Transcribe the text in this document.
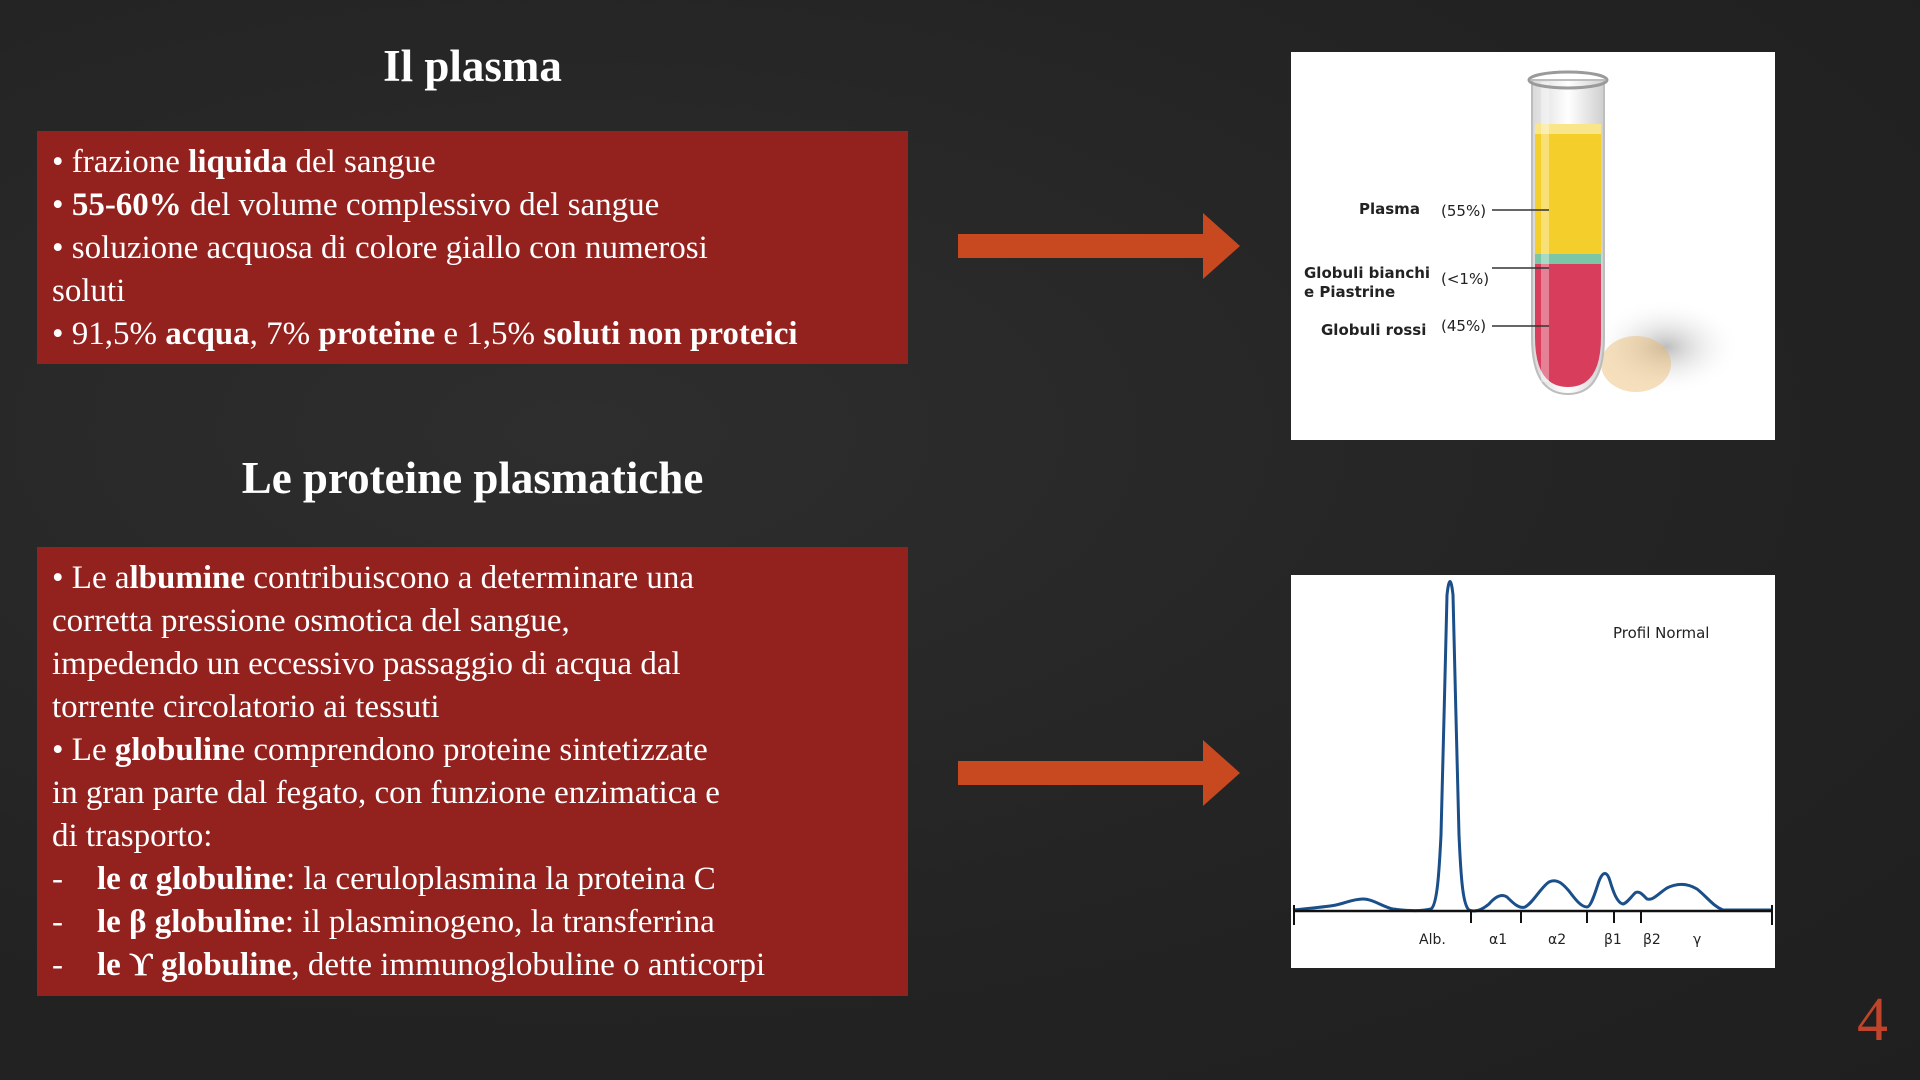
Il plasma
• frazione liquida del sangue
• 55-60% del volume complessivo del sangue
• soluzione acquosa di colore giallo con numerosi
soluti
• 91,5% acqua, 7% proteine e 1,5% soluti non proteici
Le proteine plasmatiche
• Le albumine contribuiscono a determinare una
corretta pressione osmotica del sangue,
impedendo un eccessivo passaggio di acqua dal
torrente circolatorio ai tessuti
• Le globuline comprendono proteine sintetizzate
in gran parte dal fegato, con funzione enzimatica e
di trasporto:
- le α globuline: la ceruloplasmina la proteina C
- le β globuline: il plasminogeno, la transferrina
- le ϒ globuline, dette immunoglobuline o anticorpi
Plasma (55%)
Globuli bianchi
e Piastrine
(<1%)
Globuli rossi (45%)
Profil Normal
Alb.	α1	α2	β1 β2 γ
4
